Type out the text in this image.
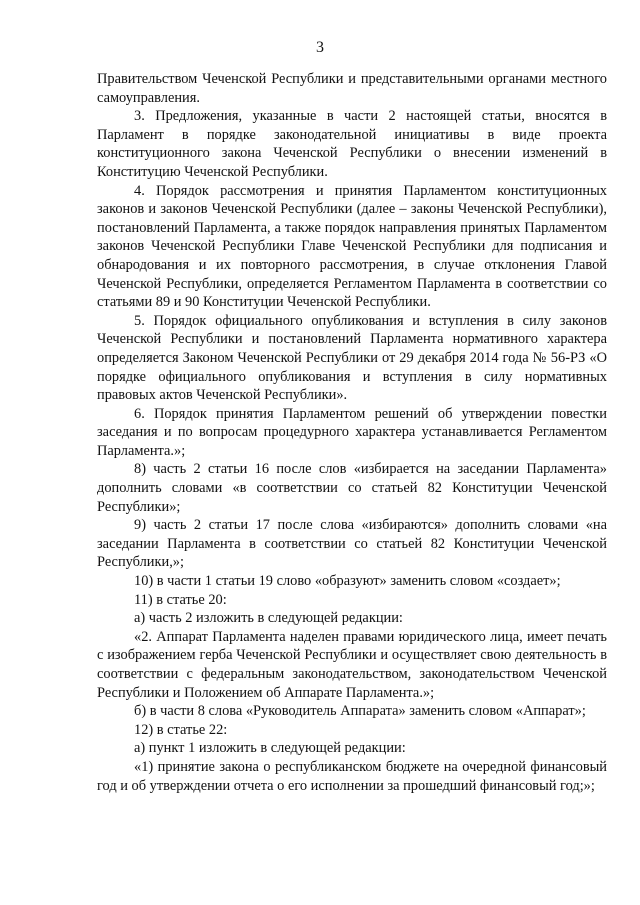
3

Правительством Чеченской Республики и представительными органами местного самоуправления.

3. Предложения, указанные в части 2 настоящей статьи, вносятся в Парламент в порядке законодательной инициативы в виде проекта конституционного закона Чеченской Республики о внесении изменений в Конституцию Чеченской Республики.

4. Порядок рассмотрения и принятия Парламентом конституционных законов и законов Чеченской Республики (далее – законы Чеченской Республики), постановлений Парламента, а также порядок направления принятых Парламентом законов Чеченской Республики Главе Чеченской Республики для подписания и обнародования и их повторного рассмотрения, в случае отклонения Главой Чеченской Республики, определяется Регламентом Парламента в соответствии со статьями 89 и 90 Конституции Чеченской Республики.

5. Порядок официального опубликования и вступления в силу законов Чеченской Республики и постановлений Парламента нормативного характера определяется Законом Чеченской Республики от 29 декабря 2014 года № 56-РЗ «О порядке официального опубликования и вступления в силу нормативных правовых актов Чеченской Республики».

6. Порядок принятия Парламентом решений об утверждении повестки заседания и по вопросам процедурного характера устанавливается Регламентом Парламента.»;

8) часть 2 статьи 16 после слов «избирается на заседании Парламента» дополнить словами «в соответствии со статьей 82 Конституции Чеченской Республики»;

9) часть 2 статьи 17 после слова «избираются» дополнить словами «на заседании Парламента в соответствии со статьей 82 Конституции Чеченской Республики,»;

10) в части 1 статьи 19 слово «образуют» заменить словом «создает»;

11) в статье 20:

а) часть 2 изложить в следующей редакции:

«2. Аппарат Парламента наделен правами юридического лица, имеет печать с изображением герба Чеченской Республики и осуществляет свою деятельность в соответствии с федеральным законодательством, законодательством Чеченской Республики и Положением об Аппарате Парламента.»;

б) в части 8 слова «Руководитель Аппарата» заменить словом «Аппарат»;

12) в статье 22:

а) пункт 1 изложить в следующей редакции:

«1) принятие закона о республиканском бюджете на очередной финансовый год и об утверждении отчета о его исполнении за прошедший финансовый год;»;
